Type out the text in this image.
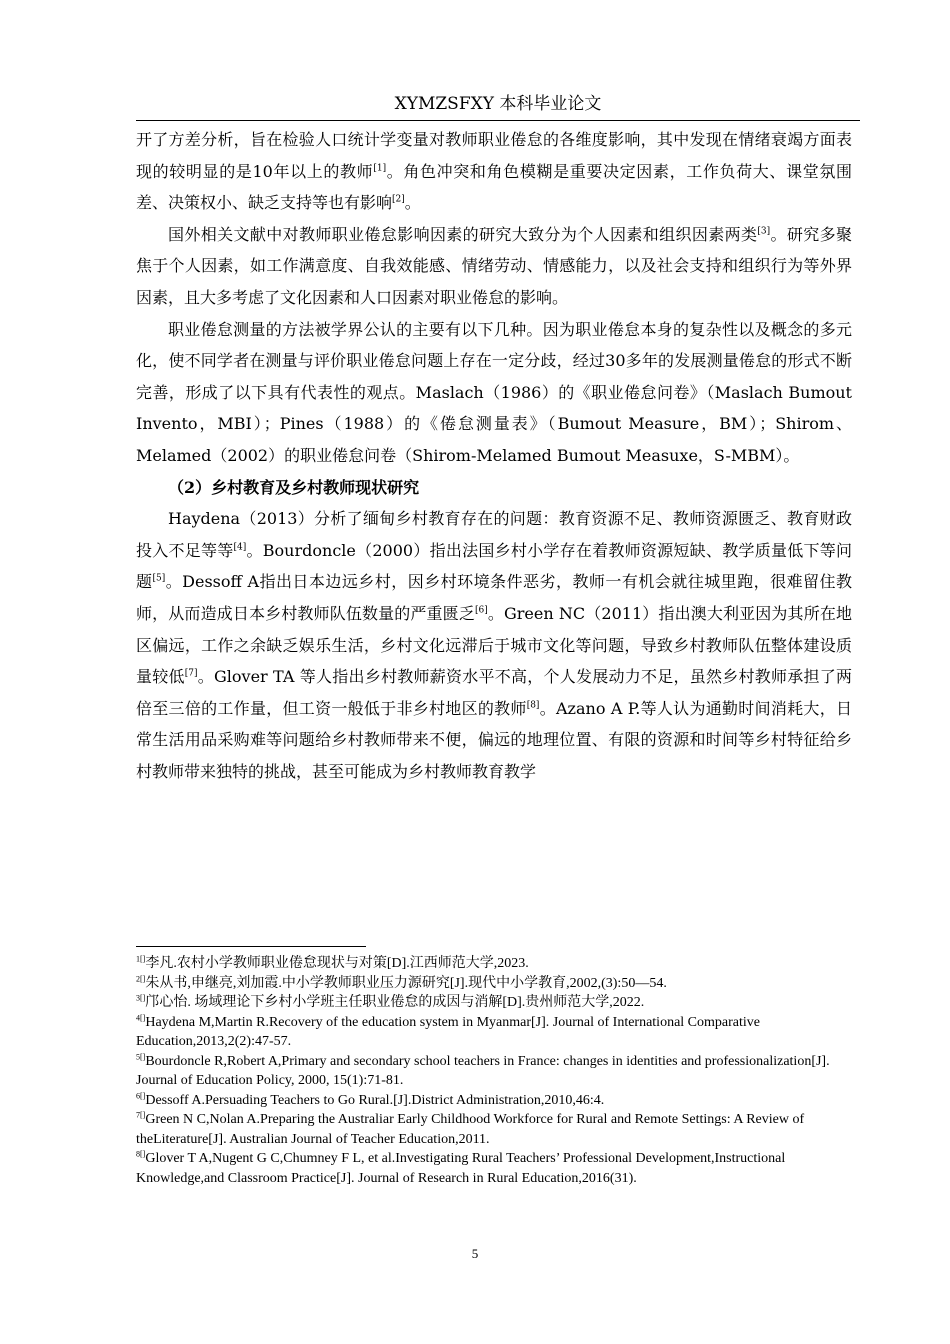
XYMZSFXY 本科毕业论文

开了方差分析，旨在检验人口统计学变量对教师职业倦怠的各维度影响，其中发现在情绪衰竭方面表现的较明显的是10年以上的教师[1]。角色冲突和角色模糊是重要决定因素，工作负荷大、课堂氛围差、决策权小、缺乏支持等也有影响[2]。

国外相关文献中对教师职业倦怠影响因素的研究大致分为个人因素和组织因素两类[3]。研究多聚焦于个人因素，如工作满意度、自我效能感、情绪劳动、情感能力，以及社会支持和组织行为等外界因素，且大多考虑了文化因素和人口因素对职业倦怠的影响。

职业倦怠测量的方法被学界公认的主要有以下几种。因为职业倦怠本身的复杂性以及概念的多元化，使不同学者在测量与评价职业倦怠问题上存在一定分歧，经过30多年的发展测量倦怠的形式不断完善，形成了以下具有代表性的观点。Maslach（1986）的《职业倦怠问卷》（Maslach Bumout Invento，MBI）；Pines（1988）的《倦怠测量表》（Bumout Measure，BM）；Shirom、Melamed（2002）的职业倦怠问卷（Shirom-Melamed Bumout Measuxe，S-MBM）。

（2）乡村教育及乡村教师现状研究

Haydena（2013）分析了缅甸乡村教育存在的问题：教育资源不足、教师资源匮乏、教育财政投入不足等等[4]。Bourdoncle（2000）指出法国乡村小学存在着教师资源短缺、教学质量低下等问题[5]。Dessoff A指出日本边远乡村，因乡村环境条件恶劣，教师一有机会就往城里跑，很难留住教师，从而造成日本乡村教师队伍数量的严重匮乏[6]。Green NC（2011）指出澳大利亚因为其所在地区偏远，工作之余缺乏娱乐生活，乡村文化远滞后于城市文化等问题，导致乡村教师队伍整体建设质量较低[7]。Glover TA 等人指出乡村教师薪资水平不高，个人发展动力不足，虽然乡村教师承担了两倍至三倍的工作量，但工资一般低于非乡村地区的教师[8]。Azano A P.等人认为通勤时间消耗大，日常生活用品采购难等问题给乡村教师带来不便，偏远的地理位置、有限的资源和时间等乡村特征给乡村教师带来独特的挑战，甚至可能成为乡村教师教育教学

$^{1[]}$李凡.农村小学教师职业倦怠现状与对策[D].江西师范大学,2023.

$^{2[]}$朱从书,申继亮,刘加霞.中小学教师职业压力源研究[J].现代中小学教育,2002,(3):50—54.

$^{3[]}$邝心怡. 场域理论下乡村小学班主任职业倦怠的成因与消解[D].贵州师范大学,2022.

$^{4[]}$Haydena M,Martin R.Recovery of the education system in Myanmar[J]. Journal of International Comparative Education,2013,2(2):47-57.

$^{5[]}$Bourdoncle R,Robert A,Primary and secondary school teachers in France: changes in identities and professionalization[J]. Journal of Education Policy, 2000, 15(1):71-81.

$^{6[]}$Dessoff A.Persuading Teachers to Go Rural.[J].District Administration,2010,46:4.

$^{7[]}$Green N C,Nolan A.Preparing the Australiar Early Childhood Workforce for Rural and Remote Settings: A Review of theLiterature[J]. Australian Journal of Teacher Education,2011.

$^{8[]}$Glover T A,Nugent G C,Chumney F L, et al.Investigating Rural Teachers’ Professional Development,Instructional Knowledge,and Classroom Practice[J]. Journal of Research in Rural Education,2016(31).

5
